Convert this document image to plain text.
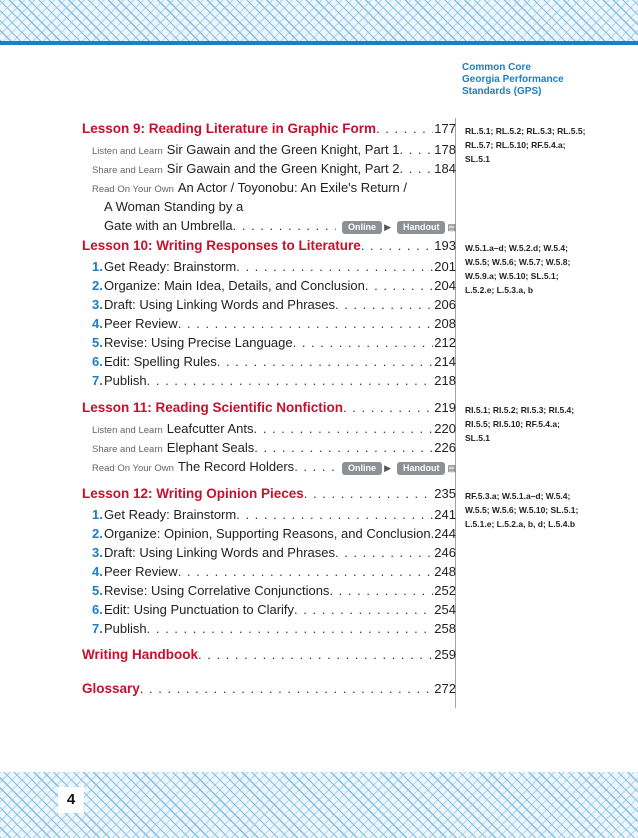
Common Core
Georgia Performance
Standards (GPS)
Lesson 9: Reading Literature in Graphic Form . . .	177
Listen and Learn Sir Gawain and the Green Knight, Part 1 . . .	178
Share and Learn Sir Gawain and the Green Knight, Part 2 . . .	184
Read On Your Own An Actor / Toyonobu: An Exile's Return /
A Woman Standing by a
Gate with an Umbrella . . .	Online ▶	Handout ▤
RL.5.1; RL.5.2; RL.5.3; RL.5.5;
RL.5.7; RL.5.10; RF.5.4.a;
SL.5.1
Lesson 10: Writing Responses to Literature . . .	193
1. Get Ready: Brainstorm . . .	201
2. Organize: Main Idea, Details, and Conclusion . . .	204
3. Draft: Using Linking Words and Phrases . . .	206
4. Peer Review . . .	208
5. Revise: Using Precise Language . . .	212
6. Edit: Spelling Rules . . .	214
7. Publish . . .	218
W.5.1.a–d; W.5.2.d; W.5.4;
W.5.5; W.5.6; W.5.7; W.5.8;
W.5.9.a; W.5.10; SL.5.1;
L.5.2.e; L.5.3.a, b
Lesson 11: Reading Scientific Nonfiction . . .	219
Listen and Learn Leafcutter Ants . . .	220
Share and Learn Elephant Seals . . .	226
Read On Your Own The Record Holders . . .	Online ▶	Handout ▤
RI.5.1; RI.5.2; RI.5.3; RI.5.4;
RI.5.5; RI.5.10; RF.5.4.a;
SL.5.1
Lesson 12: Writing Opinion Pieces . . .	235
1. Get Ready: Brainstorm . . .	241
2. Organize: Opinion, Supporting Reasons, and Conclusion . . . 244
3. Draft: Using Linking Words and Phrases . . .	246
4. Peer Review . . .	248
5. Revise: Using Correlative Conjunctions . . .	252
6. Edit: Using Punctuation to Clarify . . .	254
7. Publish . . .	258
RF.5.3.a; W.5.1.a–d; W.5.4;
W.5.5; W.5.6; W.5.10; SL.5.1;
L.5.1.e; L.5.2.a, b, d; L.5.4.b
Writing Handbook . . .	259
Glossary . . .	272
4
